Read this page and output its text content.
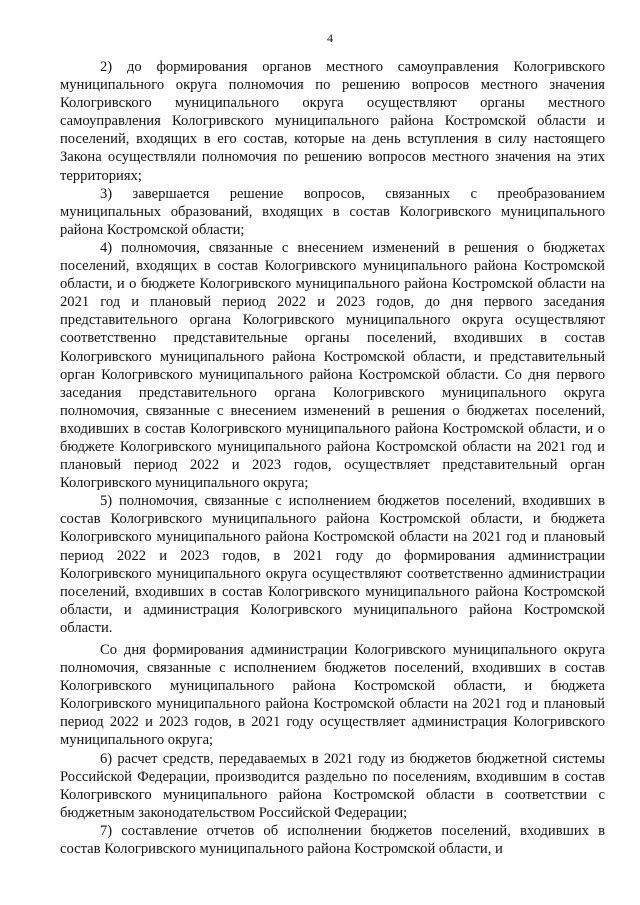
4

2) до формирования органов местного самоуправления Кологривского муниципального округа полномочия по решению вопросов местного значения Кологривского муниципального округа осуществляют органы местного самоуправления Кологривского муниципального района Костромской области и поселений, входящих в его состав, которые на день вступления в силу настоящего Закона осуществляли полномочия по решению вопросов местного значения на этих территориях;

3) завершается решение вопросов, связанных с преобразованием муниципальных образований, входящих в состав Кологривского муниципального района Костромской области;

4) полномочия, связанные с внесением изменений в решения о бюджетах поселений, входящих в состав Кологривского муниципального района Костромской области, и о бюджете Кологривского муниципального района Костромской области на 2021 год и плановый период 2022 и 2023 годов, до дня первого заседания представительного органа Кологривского муниципального округа осуществляют соответственно представительные органы поселений, входивших в состав Кологривского муниципального района Костромской области, и представительный орган Кологривского муниципального района Костромской области. Со дня первого заседания представительного органа Кологривского муниципального округа полномочия, связанные с внесением изменений в решения о бюджетах поселений, входивших в состав Кологривского муниципального района Костромской области, и о бюджете Кологривского муниципального района Костромской области на 2021 год и плановый период 2022 и 2023 годов, осуществляет представительный орган Кологривского муниципального округа;

5) полномочия, связанные с исполнением бюджетов поселений, входивших в состав Кологривского муниципального района Костромской области, и бюджета Кологривского муниципального района Костромской области на 2021 год и плановый период 2022 и 2023 годов, в 2021 году до формирования администрации Кологривского муниципального округа осуществляют соответственно администрации поселений, входивших в состав Кологривского муниципального района Костромской области, и администрация Кологривского муниципального района Костромской области.

Со дня формирования администрации Кологривского муниципального округа полномочия, связанные с исполнением бюджетов поселений, входивших в состав Кологривского муниципального района Костромской области, и бюджета Кологривского муниципального района Костромской области на 2021 год и плановый период 2022 и 2023 годов, в 2021 году осуществляет администрация Кологривского муниципального округа;

6) расчет средств, передаваемых в 2021 году из бюджетов бюджетной системы Российской Федерации, производится раздельно по поселениям, входившим в состав Кологривского муниципального района Костромской области в соответствии с бюджетным законодательством Российской Федерации;

7) составление отчетов об исполнении бюджетов поселений, входивших в состав Кологривского муниципального района Костромской области, и
